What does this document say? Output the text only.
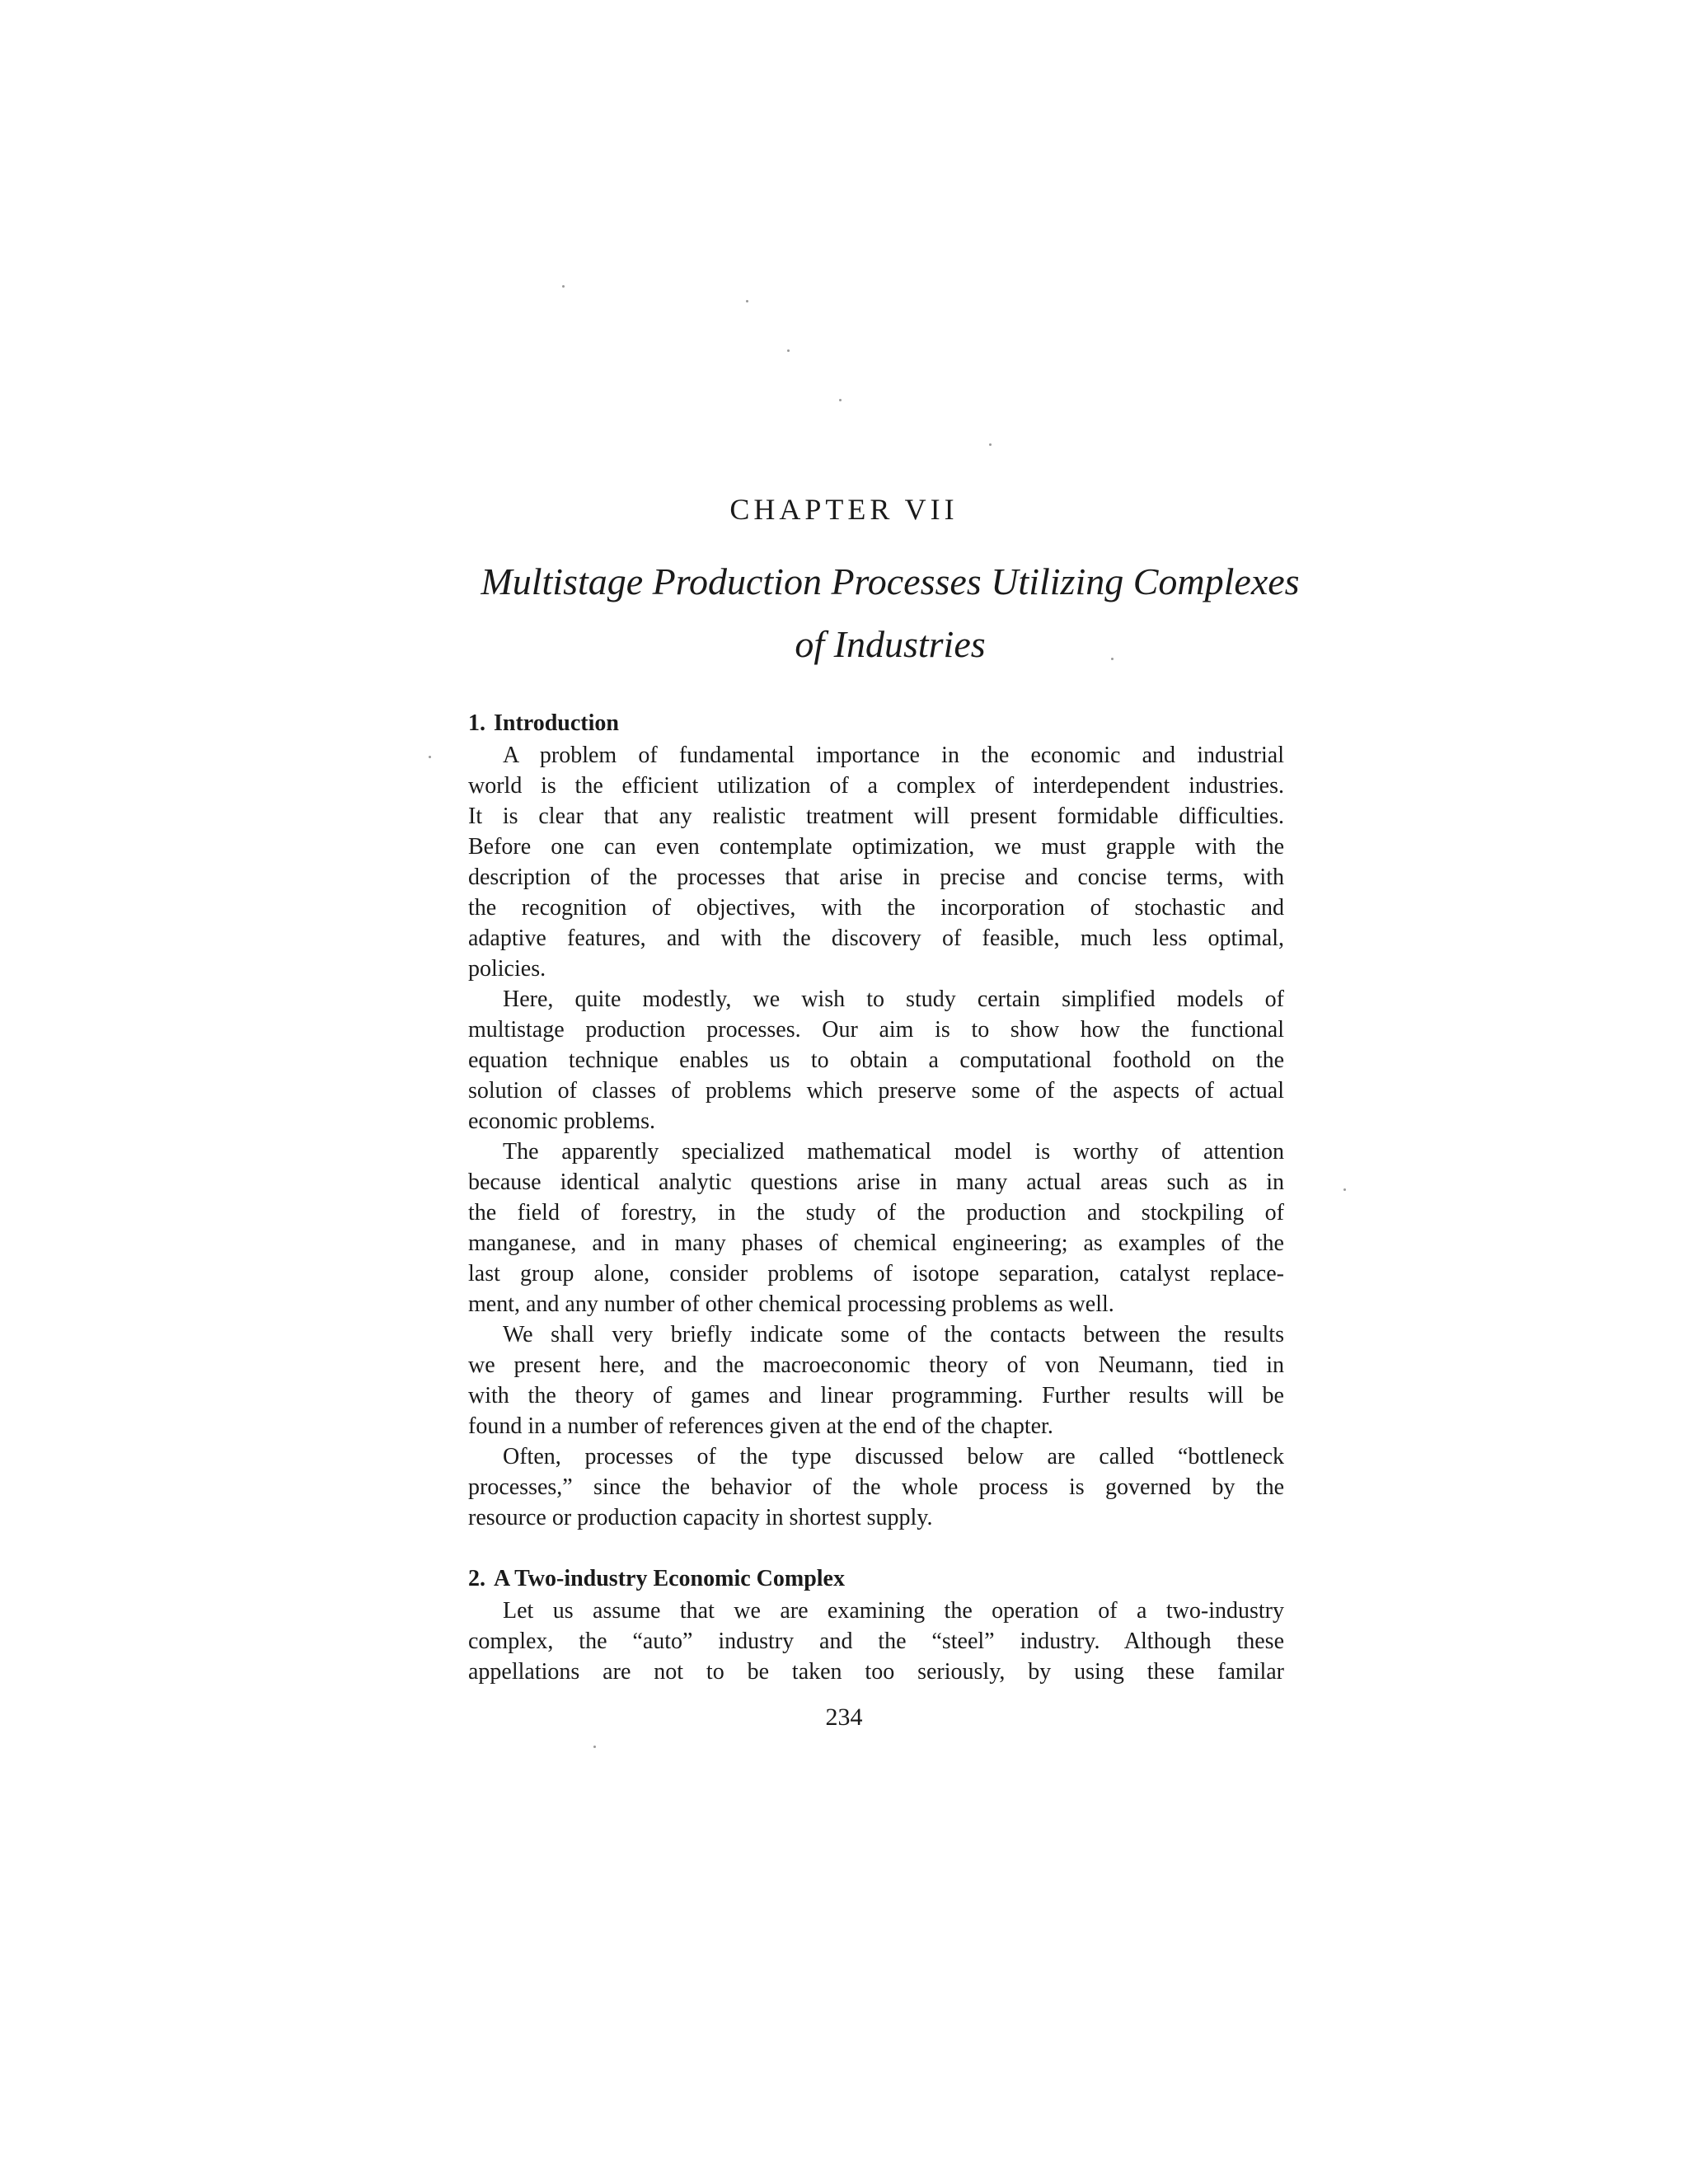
CHAPTER VII
Multistage Production Processes Utilizing Complexes
of Industries
1. Introduction
A problem of fundamental importance in the economic and industrial
world is the efficient utilization of a complex of interdependent industries.
It is clear that any realistic treatment will present formidable difficulties.
Before one can even contemplate optimization, we must grapple with the
description of the processes that arise in precise and concise terms, with
the recognition of objectives, with the incorporation of stochastic and
adaptive features, and with the discovery of feasible, much less optimal,
policies.
Here, quite modestly, we wish to study certain simplified models of
multistage production processes. Our aim is to show how the functional
equation technique enables us to obtain a computational foothold on the
solution of classes of problems which preserve some of the aspects of actual
economic problems.
The apparently specialized mathematical model is worthy of attention
because identical analytic questions arise in many actual areas such as in
the field of forestry, in the study of the production and stockpiling of
manganese, and in many phases of chemical engineering; as examples of the
last group alone, consider problems of isotope separation, catalyst replace-
ment, and any number of other chemical processing problems as well.
We shall very briefly indicate some of the contacts between the results
we present here, and the macroeconomic theory of von Neumann, tied in
with the theory of games and linear programming. Further results will be
found in a number of references given at the end of the chapter.
Often, processes of the type discussed below are called “bottleneck
processes,” since the behavior of the whole process is governed by the
resource or production capacity in shortest supply.
2. A Two-industry Economic Complex
Let us assume that we are examining the operation of a two-industry
complex, the “auto” industry and the “steel” industry. Although these
appellations are not to be taken too seriously, by using these familar
234
